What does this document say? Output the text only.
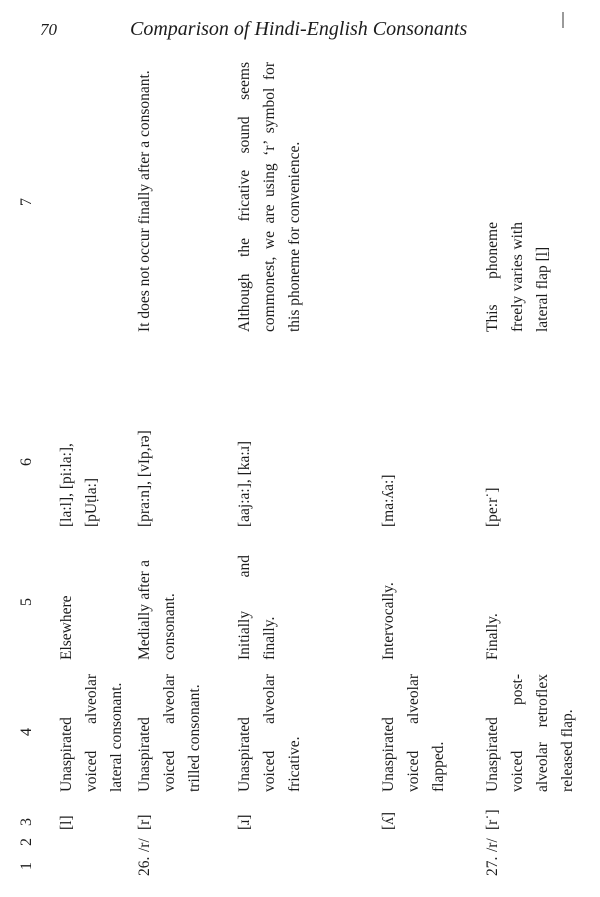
70	Comparison of Hindi-English Consonants
1
2
3
4
5
6
7
[l]
Unaspirated voiced alveolar lateral consonant.
Elsewhere
[la:l], [pi:la:], [pUṭla:]
26.
/r/
[r]
Unaspirated voiced alveolar trilled consonant.
Medially after a consonant.
[pra:n], [vIp,rə]
It does not occur finally after a consonant.
[ɹ]
Unaspirated voiced alveolar fricative.
Initially and finally.
[aaj:a:], [ka:ɹ]
Although the fricative sound seems commonest, we are using ‘r’ symbol for this phoneme for convenience.
[ʎ]
Unaspirated voiced alveolar flapped.
Intervocally.
[ma:ʎa:]
27.
/r/
[r˙]
Unaspirated voiced post-alveolar retroflex released flap.
Finally.
[pe:r˙]
This phoneme freely varies with lateral flap [l̠]
